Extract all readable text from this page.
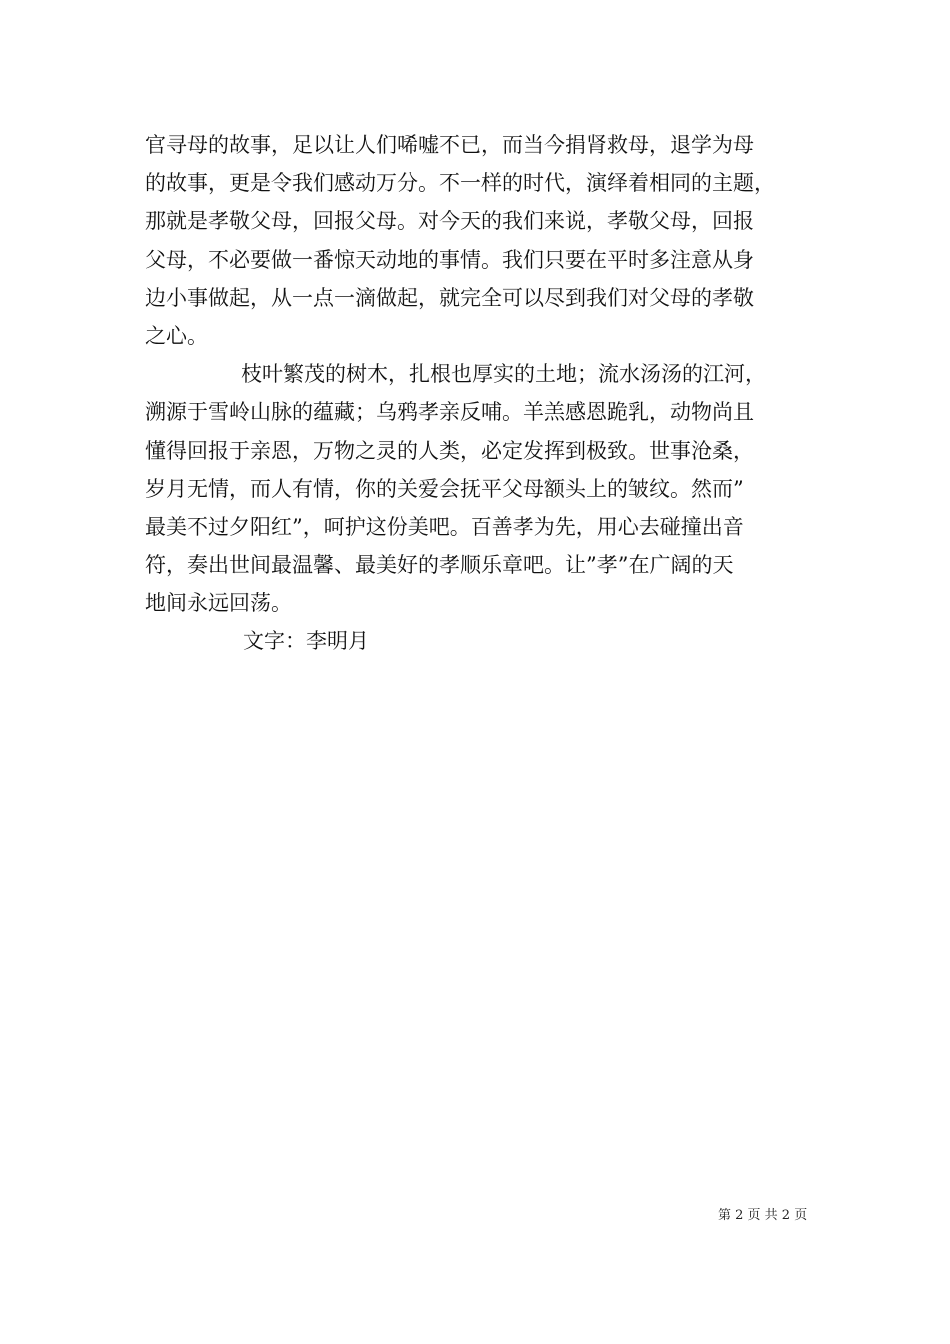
官寻母的故事，足以让人们唏嘘不已，而当今捐肾救母，退学为母
的故事，更是令我们感动万分。不一样的时代，演绎着相同的主题，
那就是孝敬父母，回报父母。对今天的我们来说，孝敬父母，回报
父母，不必要做一番惊天动地的事情。我们只要在平时多注意从身
边小事做起，从一点一滴做起，就完全可以尽到我们对父母的孝敬
之心。
枝叶繁茂的树木，扎根也厚实的土地；流水汤汤的江河，
溯源于雪岭山脉的蕴藏；乌鸦孝亲反哺。羊羔感恩跪乳，动物尚且
懂得回报于亲恩，万物之灵的人类，必定发挥到极致。世事沧桑，
岁月无情，而人有情，你的关爱会抚平父母额头上的皱纹。然而”
最美不过夕阳红”，呵护这份美吧。百善孝为先，用心去碰撞出音
符，奏出世间最温馨、最美好的孝顺乐章吧。让”孝”在广阔的天
地间永远回荡。
文字：李明月
第 2 页 共 2 页
